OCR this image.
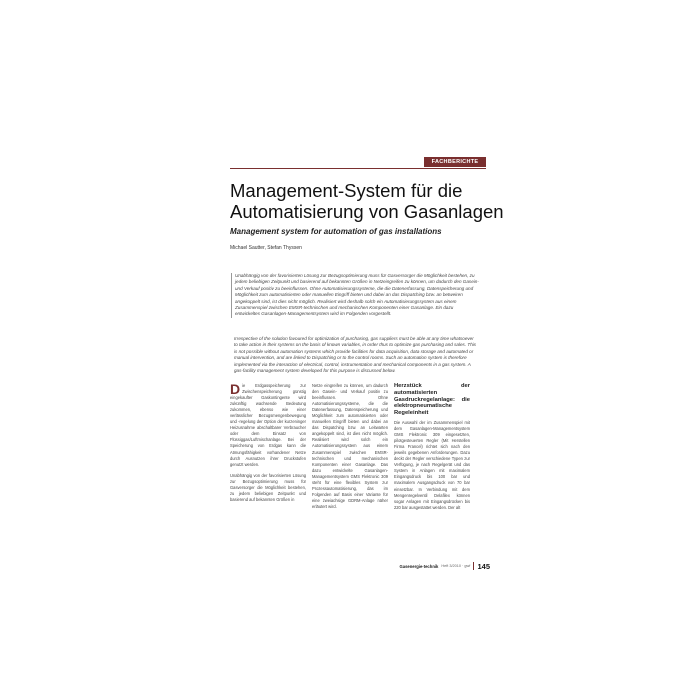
FACHBERICHTE
Management-System für die Automatisierung von Gasanlagen
Management system for automation of gas installations
Michael Sautter, Stefan Thyssen

Unabhängig von der favorisierten Lösung zur Bezugsoptimierung muss für Gasversorger die Möglichkeit bestehen, zu jedem beliebigen Zeitpunkt und basierend auf bekannten Größen in Netzeingreifen zu können, um dadurch den Gasein- und Verkauf positiv zu beeinflussen. Ohne Automatisierungssysteme, die die Datenerfassung, Datenspeicherung und Möglichkeit zum automatisierten oder manuellen Eingriff bieten und dabei an das Dispatching bzw. an betweiren angekoppelt sind, ist dies nicht möglich. Realisiert wird deshalb solch ein Automatisierungssystem aus einem Zusammenspiel zwischen EMSR-technischen und mechanischen Komponenten einer Gasanlage. Ein dazu entwickeltes Gasanlagen-Managementsystem wird im Folgenden vorgestellt.

Irrespective of the solution favoured for optimization of purchasing, gas suppliers must be able at any time whatsoever to take action in their systems on the basis of known variables, in order thus to optimize gas purchasing and sales. This is not possible without automation systems which provide facilities for data acquisition, data storage and automated or manual intervention, and are linked to Dispatching or to the control rooms. Such an automation system is therefore implemented via the interaction of electrical, control, instrumentation and mechanical components in a gas system. A gas-facility management system developed for this purpose is discussed below.

Die Erdgasspeicherung zur Zwischenspeicherung günstig eingekaufter Gaskontingente wird zukünftig wachsende Bedeutung zukommen, ebenso wie einer verlässlicher Bezugsmengenbewegung und -regelung der Option der kurzeninger Heizusnahme abschaltbarer Verbraucher oder dem Einsatz von Flüssiggas/Luftmischanlage. Bei der Speicherung von Erdgas kann die Atmungsfähigkeit vorhandener Netze durch Ausnutzen ihrer Druckstufen genutzt werden.

Unabhängig von der favorisierten Lösung zur Bezugsoptimierung muss für Gasversorger die Möglichkeit bestehen, zu jedem beliebigen Zeitpunkt und basierend auf bekannten Größen in

Netze eingreifen zu können, um dadurch den Gasein- und Verkauf positiv zu beeinflussen. Ohne Automatisierungssysteme, die die Datenerfassung, Datenspeicherung und Möglichkeit zum automatisierten oder manuellen Eingriff bieten und dabei an das Dispatching bzw. an Leitwarten angekoppelt sind, ist dies nicht möglich. Realisiert wird solch ein Automatisierungssystem aus einem Zusammenspiel zwischen EMSR-technischen und mechanischen Komponenten einer Gasanlage. Das dazu entwickelte Gasanlagen-Managementsystem GMS Flektronic 309 steht für eine flexibles System zur Prozessautomatisierung, das im Folgenden auf Basis einer Variante für eine zweiachsige GDRM-Anlage näher erläutert wird.

Herzstück der automatisierten Gasdruckregelanlage: die elektropneumatische Regeleinheit

Die Auswahl der im Zusammenspiel mit dem Gasanlagen-Managementsystem GMS Flektronic 309 eingesetzten, pilotgesteuerten Regler (Mit Herstellen Firma Francel) richtet sich nach den jeweils gegebenen Anforderungen. Dazu deckt der Regler verschiedene Typen zur Verfügung, je nach Regelgerät und das System in Anlagen mit maximalem Eingangsdruck bis 100 bar und maximalem Ausgangsdruck von 70 bar einsetzbar. In Verbindung mit dem Mengenregelventil Delafilex können sogar Anlagen mit Eingangsdrücken bis 220 bar ausgestattet werden. Der alt

Gasenergie-technik Heft 3/2010 · gwf 145
